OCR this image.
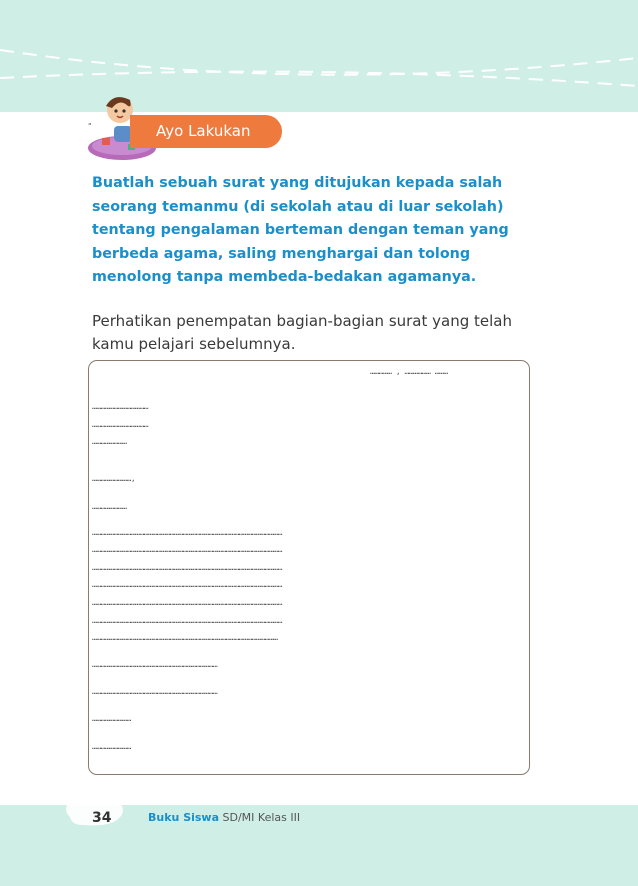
“	Ayo Lakukan

Buatlah sebuah surat yang ditujukan kepada salah seorang temanmu (di sekolah atau di luar sekolah) tentang pengalaman berteman dengan teman yang berbeda agama, saling menghargai dan tolong menolong tanpa membeda-bedakan agamanya.

Perhatikan penempatan bagian-bagian surat yang telah kamu pelajari sebelumnya.

…………… , ……………… ………
…………………………………
…………………………………
……………………
………………………,
……………………
……………………………………………………………………………………………………………………
……………………………………………………………………………………………………………………
……………………………………………………………………………………………………………………
……………………………………………………………………………………………………………………
……………………………………………………………………………………………………………………
……………………………………………………………………………………………………………………
…………………………………………………………………………………………………………………
……………………………………………………………………………
……………………………………………………………………………
………………………
………………………
34	Buku Siswa SD/MI Kelas III
